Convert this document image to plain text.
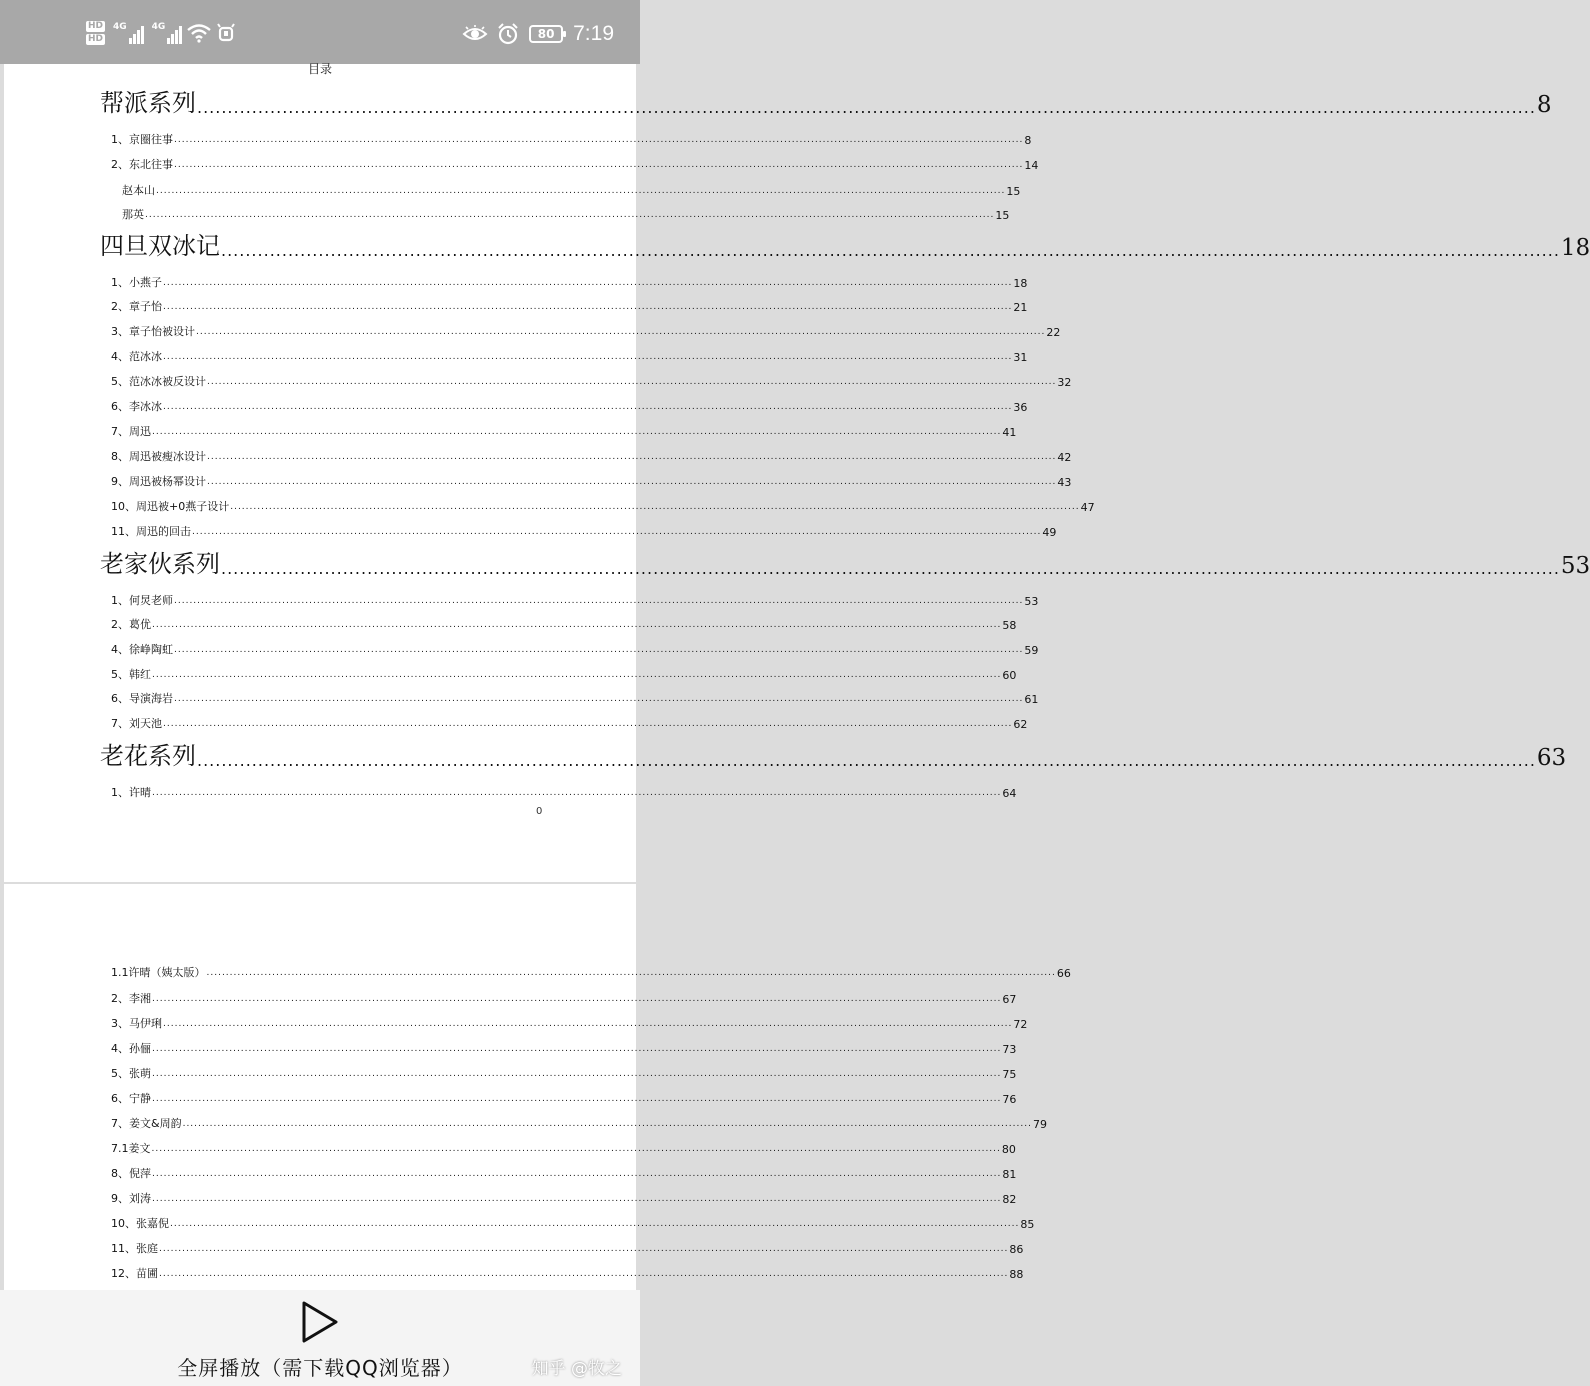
HD
HD
4G	4G	80 7:19
目录
帮派系列 ............................................................................................................................................................................................................................ 8
1、京圈往事 ............................................................................................................................................................................................................................ 8
2、东北往事 ............................................................................................................................................................................................................................ 14
赵本山 ............................................................................................................................................................................................................................ 15
那英 ............................................................................................................................................................................................................................ 15
四旦双冰记 ............................................................................................................................................................................................................................ 18
1、小燕子 ............................................................................................................................................................................................................................ 18
2、章子怡 ............................................................................................................................................................................................................................ 21
3、章子怡被设计 ............................................................................................................................................................................................................................ 22
4、范冰冰 ............................................................................................................................................................................................................................ 31
5、范冰冰被反设计 ............................................................................................................................................................................................................................ 32
6、李冰冰 ............................................................................................................................................................................................................................ 36
7、周迅 ............................................................................................................................................................................................................................ 41
8、周迅被瘦冰设计 ............................................................................................................................................................................................................................ 42
9、周迅被杨幂设计 ............................................................................................................................................................................................................................ 43
10、周迅被+0燕子设计 ............................................................................................................................................................................................................................ 47
11、周迅的回击 ............................................................................................................................................................................................................................ 49
老家伙系列 ............................................................................................................................................................................................................................ 53
1、何炅老师 ............................................................................................................................................................................................................................ 53
2、葛优 ............................................................................................................................................................................................................................ 58
4、徐峥陶虹 ............................................................................................................................................................................................................................ 59
5、韩红 ............................................................................................................................................................................................................................ 60
6、导演海岩 ............................................................................................................................................................................................................................ 61
7、刘天池 ............................................................................................................................................................................................................................ 62
老花系列 ............................................................................................................................................................................................................................ 63
1、许晴 ............................................................................................................................................................................................................................ 64
0
1.1许晴（姨太版） ............................................................................................................................................................................................................................ 66
2、李湘 ............................................................................................................................................................................................................................ 67
3、马伊琍 ............................................................................................................................................................................................................................ 72
4、孙俪 ............................................................................................................................................................................................................................ 73
5、张萌 ............................................................................................................................................................................................................................ 75
6、宁静 ............................................................................................................................................................................................................................ 76
7、姜文&周韵 ............................................................................................................................................................................................................................ 79
7.1姜文 ............................................................................................................................................................................................................................ 80
8、倪萍 ............................................................................................................................................................................................................................ 81
9、刘涛 ............................................................................................................................................................................................................................ 82
10、张嘉倪 ............................................................................................................................................................................................................................ 85
11、张庭 ............................................................................................................................................................................................................................ 86
12、苗圃 ............................................................................................................................................................................................................................ 88
全屏播放（需下载QQ浏览器）	知乎 @牧之
